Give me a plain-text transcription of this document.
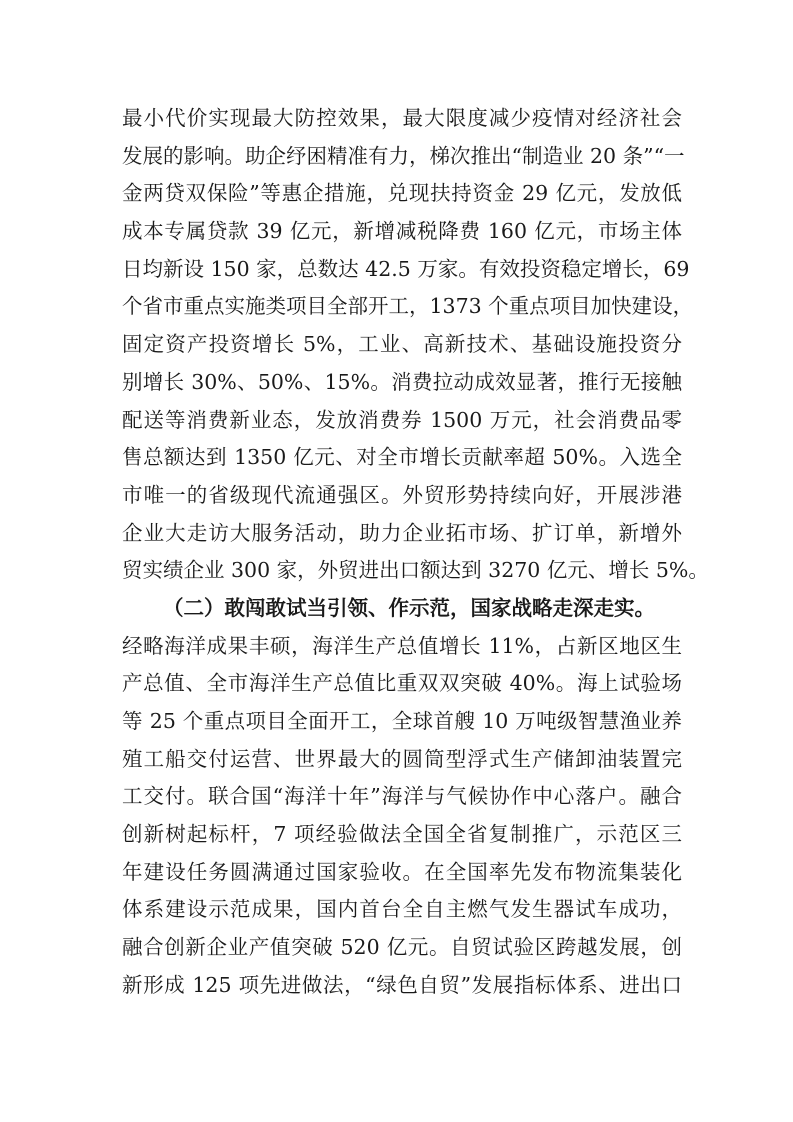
最小代价实现最大防控效果，最大限度减少疫情对经济社会
发展的影响。助企纾困精准有力，梯次推出“制造业 20 条”“一
金两贷双保险”等惠企措施，兑现扶持资金 29 亿元，发放低
成本专属贷款 39 亿元，新增减税降费 160 亿元，市场主体
日均新设 150 家，总数达 42.5 万家。有效投资稳定增长，69
个省市重点实施类项目全部开工，1373 个重点项目加快建设，
固定资产投资增长 5%，工业、高新技术、基础设施投资分
别增长 30%、50%、15%。消费拉动成效显著，推行无接触
配送等消费新业态，发放消费券 1500 万元，社会消费品零
售总额达到 1350 亿元、对全市增长贡献率超 50%。入选全
市唯一的省级现代流通强区。外贸形势持续向好，开展涉港
企业大走访大服务活动，助力企业拓市场、扩订单，新增外
贸实绩企业 300 家，外贸进出口额达到 3270 亿元、增长 5%。
（二）敢闯敢试当引领、作示范，国家战略走深走实。
经略海洋成果丰硕，海洋生产总值增长 11%，占新区地区生
产总值、全市海洋生产总值比重双双突破 40%。海上试验场
等 25 个重点项目全面开工，全球首艘 10 万吨级智慧渔业养
殖工船交付运营、世界最大的圆筒型浮式生产储卸油装置完
工交付。联合国“海洋十年”海洋与气候协作中心落户。融合
创新树起标杆，7 项经验做法全国全省复制推广，示范区三
年建设任务圆满通过国家验收。在全国率先发布物流集装化
体系建设示范成果，国内首台全自主燃气发生器试车成功，
融合创新企业产值突破 520 亿元。自贸试验区跨越发展，创
新形成 125 项先进做法，“绿色自贸”发展指标体系、进出口
